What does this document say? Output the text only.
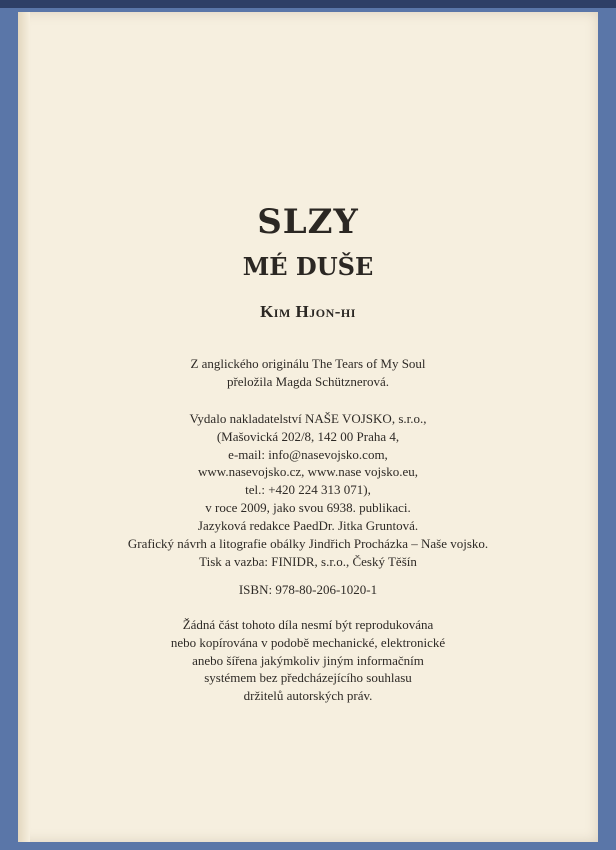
SLZY
MÉ DUŠE
Kim Hjon-hi
Z anglického originálu The Tears of My Soul
přeložila Magda Schütznerová.
Vydalo nakladatelství NAŠE VOJSKO, s.r.o.,
(Mašovická 202/8, 142 00 Praha 4,
e-mail: info@nasevojsko.com,
www.nasevojsko.cz, www.nase vojsko.eu,
tel.: +420 224 313 071),
v roce 2009, jako svou 6938. publikaci.
Jazyková redakce PaedDr. Jitka Gruntová.
Grafický návrh a litografie obálky Jindřich Procházka – Naše vojsko.
Tisk a vazba: FINIDR, s.r.o., Český Těšín
ISBN: 978-80-206-1020-1
Žádná část tohoto díla nesmí být reprodukována
nebo kopírována v podobě mechanické, elektronické
anebo šířena jakýmkoliv jiným informačním
systémem bez předcházejícího souhlasu
držitelů autorských práv.
